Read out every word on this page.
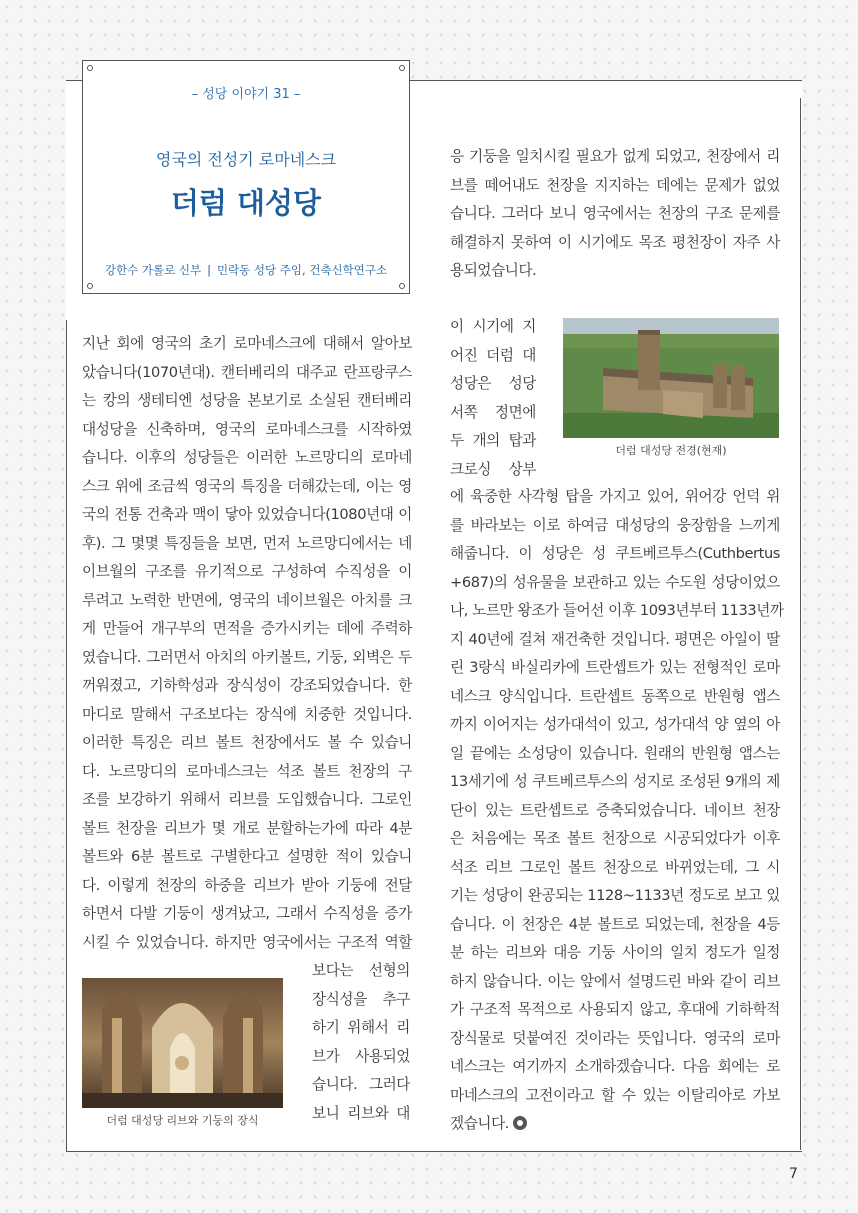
– 성당 이야기 31 –
영국의 전성기 로마네스크
더럼 대성당
강한수 가롤로 신부 | 민락동 성당 주임, 건축신학연구소
지난 회에 영국의 초기 로마네스크에 대해서 알아보
았습니다(1070년대). 캔터베리의 대주교 란프랑쿠스
는 캉의 생테티엔 성당을 본보기로 소실된 캔터베리
대성당을 신축하며, 영국의 로마네스크를 시작하였
습니다. 이후의 성당들은 이러한 노르망디의 로마네
스크 위에 조금씩 영국의 특징을 더해갔는데, 이는 영
국의 전통 건축과 맥이 닿아 있었습니다(1080년대 이
후). 그 몇몇 특징들을 보면, 먼저 노르망디에서는 네
이브월의 구조를 유기적으로 구성하여 수직성을 이
루려고 노력한 반면에, 영국의 네이브월은 아치를 크
게 만들어 개구부의 면적을 증가시키는 데에 주력하
였습니다. 그러면서 아치의 아키볼트, 기둥, 외벽은 두
꺼워졌고, 기하학성과 장식성이 강조되었습니다. 한
마디로 말해서 구조보다는 장식에 치중한 것입니다.
이러한 특징은 리브 볼트 천장에서도 볼 수 있습니
다. 노르망디의 로마네스크는 석조 볼트 천장의 구
조를 보강하기 위해서 리브를 도입했습니다. 그로인
볼트 천장을 리브가 몇 개로 분할하는가에 따라 4분
볼트와 6분 볼트로 구별한다고 설명한 적이 있습니
다. 이렇게 천장의 하중을 리브가 받아 기둥에 전달
하면서 다발 기둥이 생겨났고, 그래서 수직성을 증가
시킬 수 있었습니다. 하지만 영국에서는 구조적 역할
보다는 선형의
장식성을 추구
하기 위해서 리
브가 사용되었
습니다. 그러다
보니 리브와 대
더럼 대성당 리브와 기둥의 장식
응 기둥을 일치시킬 필요가 없게 되었고, 천장에서 리
브를 떼어내도 천장을 지지하는 데에는 문제가 없었
습니다. 그러다 보니 영국에서는 천장의 구조 문제를
해결하지 못하여 이 시기에도 목조 평천장이 자주 사
용되었습니다.
이 시기에 지
어진 더럼 대
성당은 성당
서쪽 정면에
두 개의 탑과
크로싱 상부
더럼 대성당 전경(현재)
에 육중한 사각형 탑을 가지고 있어, 위어강 언덕 위
를 바라보는 이로 하여금 대성당의 웅장함을 느끼게
해줍니다. 이 성당은 성 쿠트베르투스(Cuthbertus
+687)의 성유물을 보관하고 있는 수도원 성당이었으
나, 노르만 왕조가 들어선 이후 1093년부터 1133년까
지 40년에 걸쳐 재건축한 것입니다. 평면은 아일이 딸
린 3랑식 바실리카에 트란셉트가 있는 전형적인 로마
네스크 양식입니다. 트란셉트 동쪽으로 반원형 앱스
까지 이어지는 성가대석이 있고, 성가대석 양 옆의 아
일 끝에는 소성당이 있습니다. 원래의 반원형 앱스는
13세기에 성 쿠트베르투스의 성지로 조성된 9개의 제
단이 있는 트란셉트로 증축되었습니다. 네이브 천장
은 처음에는 목조 볼트 천장으로 시공되었다가 이후
석조 리브 그로인 볼트 천장으로 바뀌었는데, 그 시
기는 성당이 완공되는 1128~1133년 정도로 보고 있
습니다. 이 천장은 4분 볼트로 되었는데, 천장을 4등
분 하는 리브와 대응 기둥 사이의 일치 정도가 일정
하지 않습니다. 이는 앞에서 설명드린 바와 같이 리브
가 구조적 목적으로 사용되지 않고, 후대에 기하학적
장식물로 덧붙여진 것이라는 뜻입니다. 영국의 로마
네스크는 여기까지 소개하겠습니다. 다음 회에는 로
마네스크의 고전이라고 할 수 있는 이탈리아로 가보
겠습니다.
7
